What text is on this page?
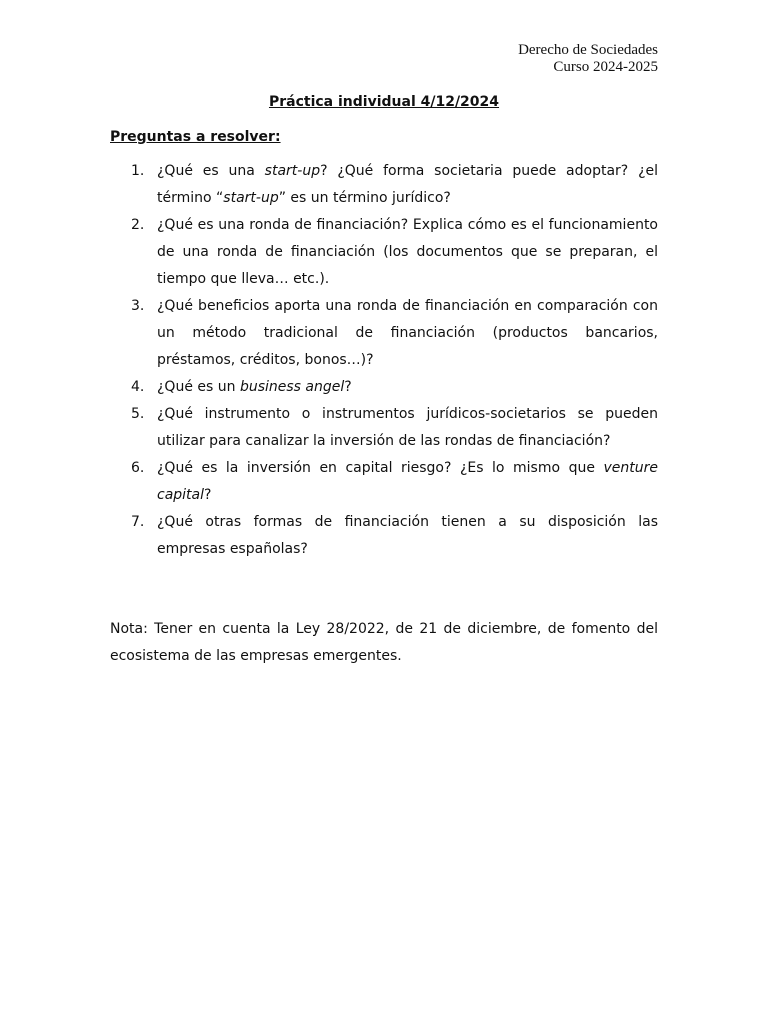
Derecho de Sociedades
Curso 2024-2025
Práctica individual 4/12/2024
Preguntas a resolver:
1. ¿Qué es una start-up? ¿Qué forma societaria puede adoptar? ¿el término “start-up” es un término jurídico?
2. ¿Qué es una ronda de financiación? Explica cómo es el funcionamiento de una ronda de financiación (los documentos que se preparan, el tiempo que lleva… etc.).
3. ¿Qué beneficios aporta una ronda de financiación en comparación con un método tradicional de financiación (productos bancarios, préstamos, créditos, bonos…)?
4. ¿Qué es un business angel?
5. ¿Qué instrumento o instrumentos jurídicos-societarios se pueden utilizar para canalizar la inversión de las rondas de financiación?
6. ¿Qué es la inversión en capital riesgo? ¿Es lo mismo que venture capital?
7. ¿Qué otras formas de financiación tienen a su disposición las empresas españolas?

Nota: Tener en cuenta la Ley 28/2022, de 21 de diciembre, de fomento del ecosistema de las empresas emergentes.
